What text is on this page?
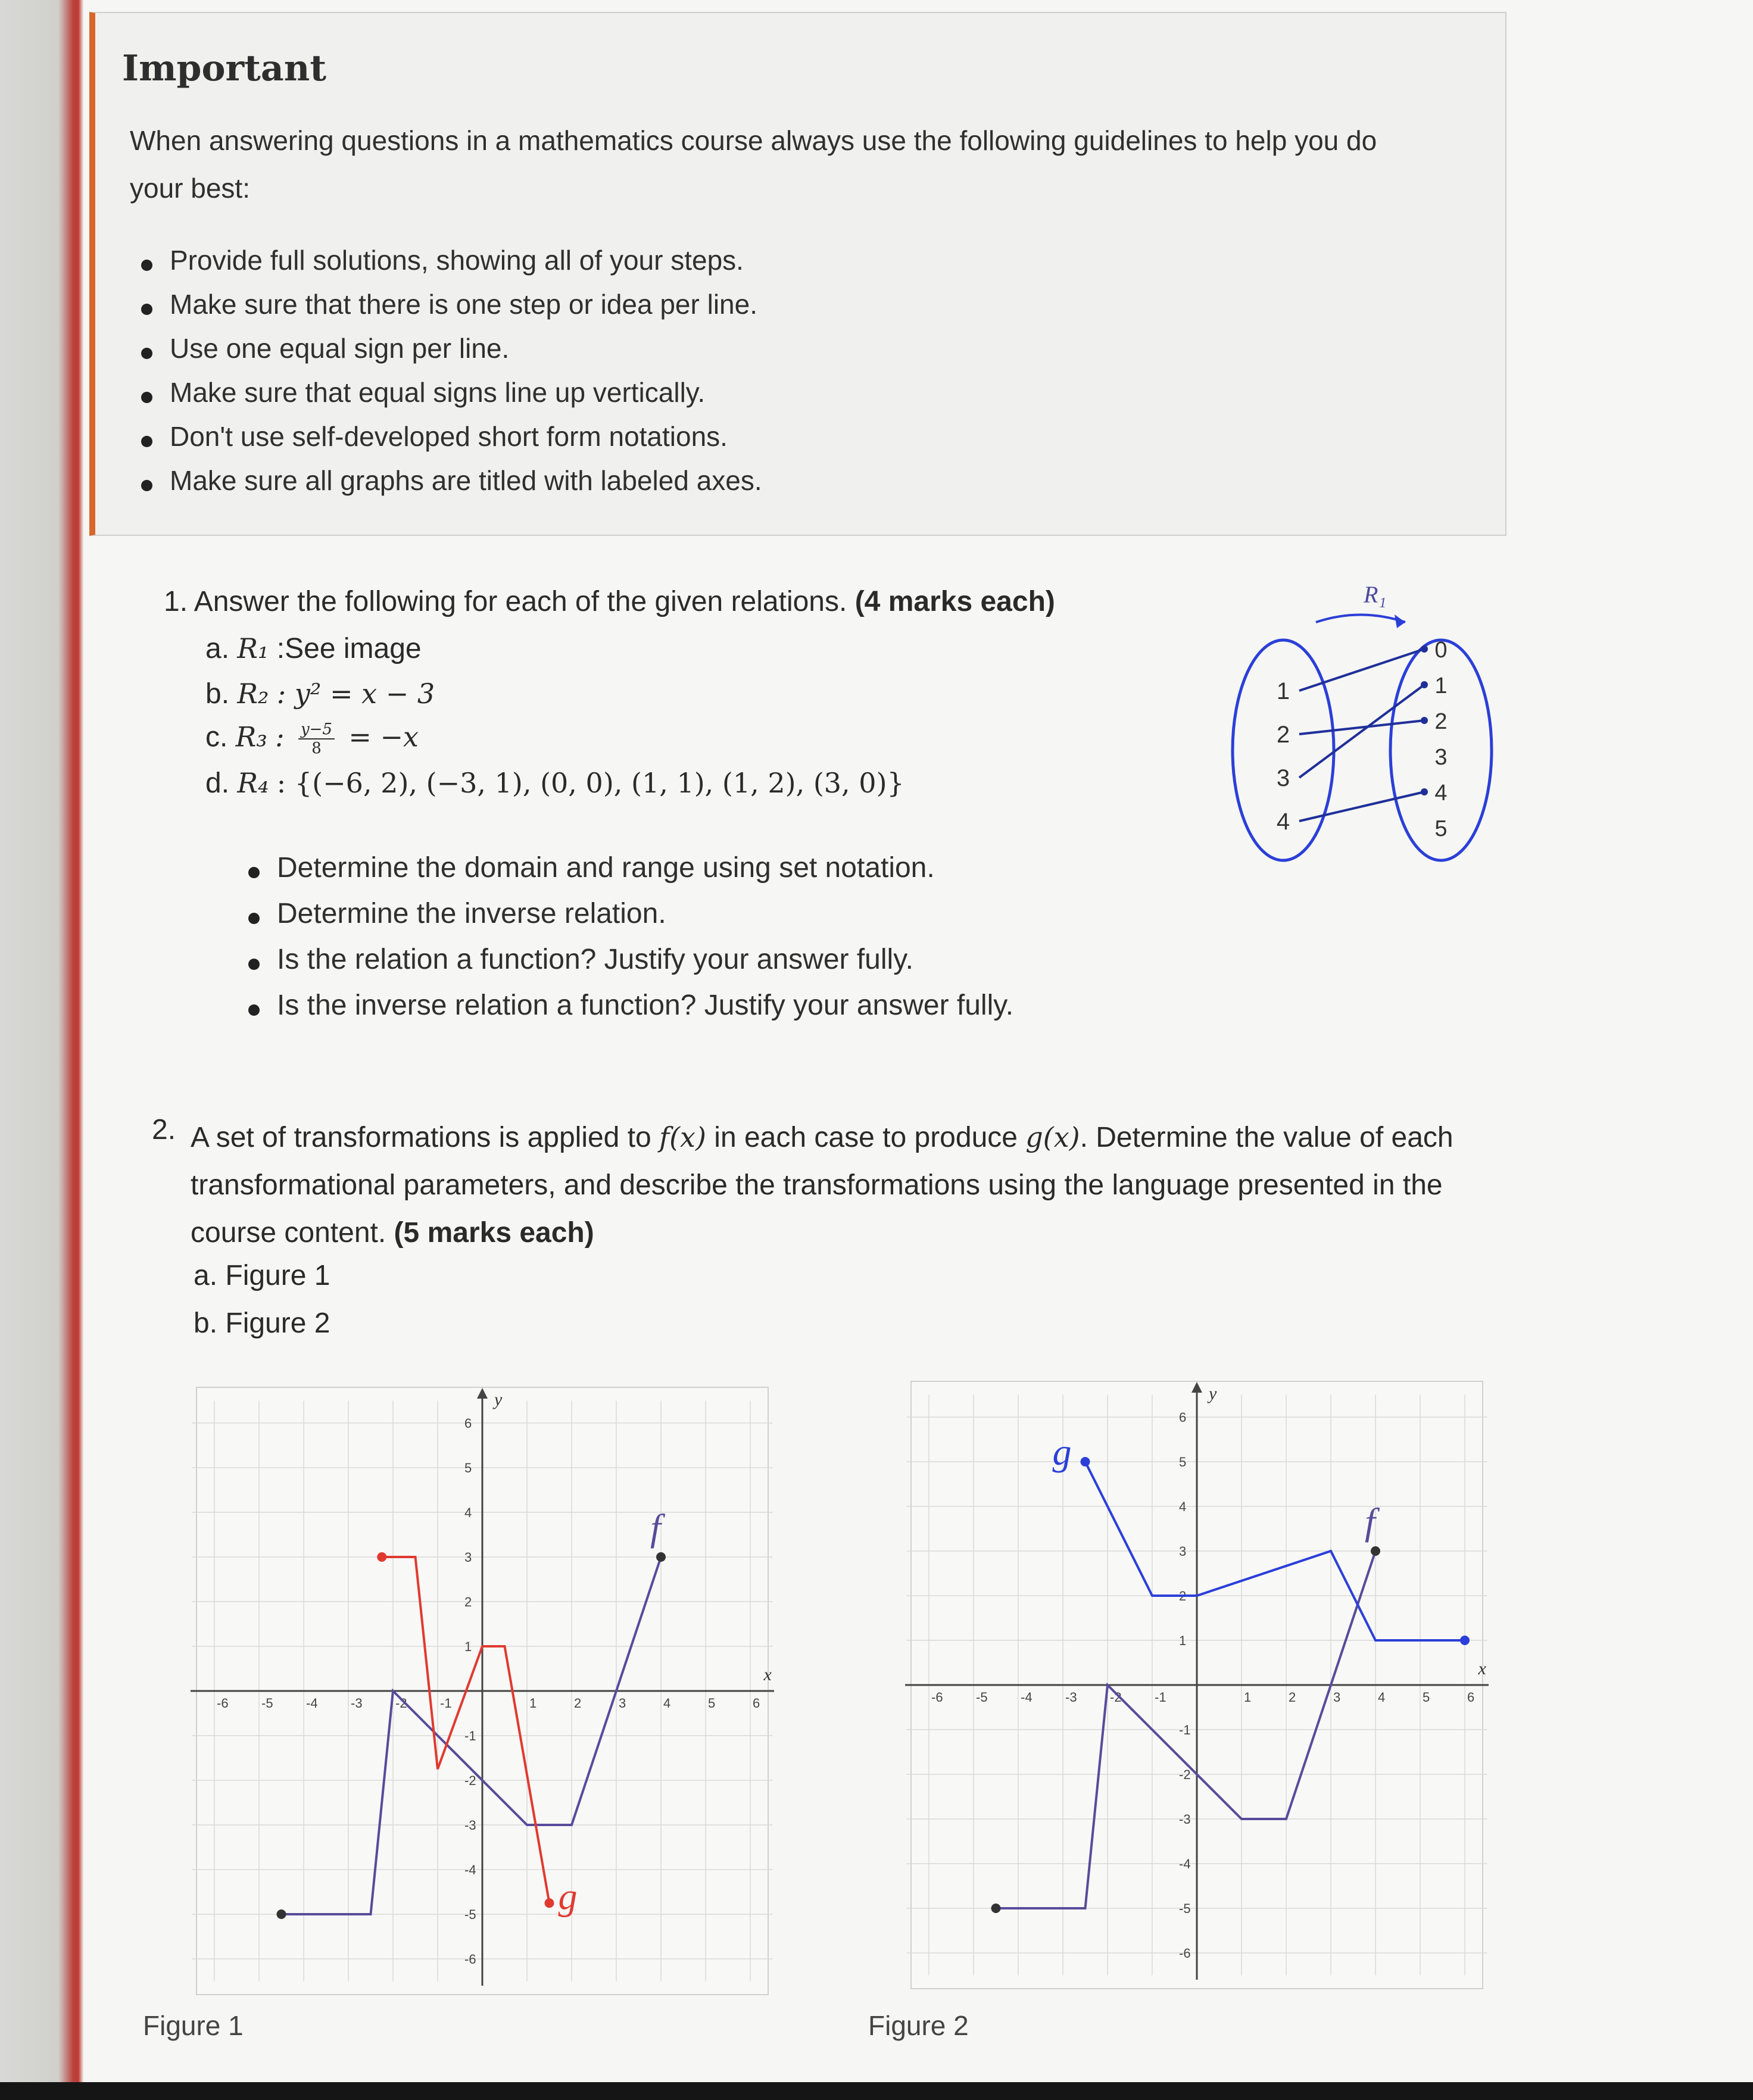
Important
When answering questions in a mathematics course always use the following guidelines to help you do your best:
Provide full solutions, showing all of your steps.
Make sure that there is one step or idea per line.
Use one equal sign per line.
Make sure that equal signs line up vertically.
Don't use self-developed short form notations.
Make sure all graphs are titled with labeled axes.
1. Answer the following for each of the given relations. (4 marks each)
a. R₁ :See image
b. R₂ : y² = x − 3
c. R₃ : $\frac{y-5}{8} = -x$
d. R₄ : {(−6, 2), (−3, 1), (0, 0), (1, 1), (1, 2), (3, 0)}
Determine the domain and range using set notation.
Determine the inverse relation.
Is the relation a function? Justify your answer fully.
Is the inverse relation a function? Justify your answer fully.
R₁
1
2
3
4
0
1
2
3
4
5
2. A set of transformations is applied to f(x) in each case to produce g(x). Determine the value of each transformational parameters, and describe the transformations using the language presented in the course content. (5 marks each)
a. Figure 1
b. Figure 2
y
x
-6	-5	-4	-3	-2	-1	1	2	3	4	5	6
6
5
4
3
2
1
-1
-2
-3
-4
-5
-6
f
g
y
x
-6	-5	-4	-3	-2	-1	1	2	3	4	5	6
6
5
4
3
2
1
-1
-2
-3
-4
-5
-6
f
g
Figure 1	Figure 2
